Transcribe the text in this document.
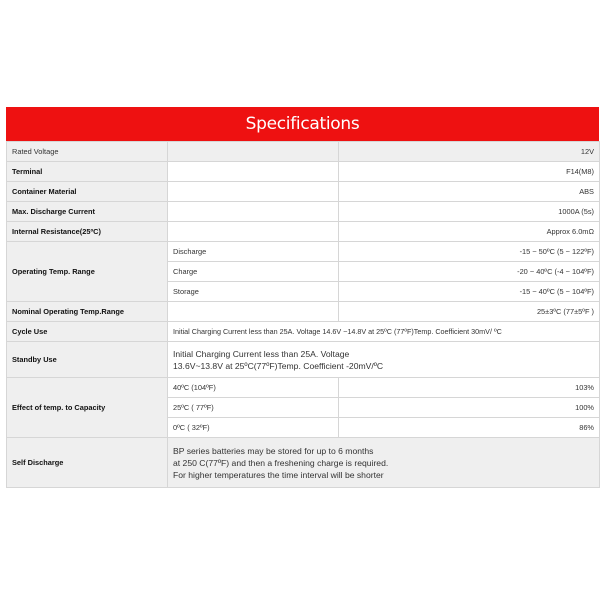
Specifications
Rated Voltage		12V
Terminal		F14(M8)
Container Material		ABS
Max. Discharge Current		1000A (5s)
Internal Resistance(25ºC)		Approx 6.0mΩ
Operating Temp. Range	Discharge	-15 ~ 50ºC (5 ~ 122ºF)
	Charge	-20 ~ 40ºC (-4 ~ 104ºF)
	Storage	-15 ~ 40ºC (5 ~ 104ºF)
Nominal Operating Temp.Range		25±3ºC (77±5ºF )
Cycle Use	Initial Charging Current less than 25A. Voltage 14.6V ~14.8V at 25ºC (77ºF)Temp. Coefficient 30mV/ ºC	
Standby Use	Initial Charging Current less than 25A. Voltage
13.6V~13.8V at 25ºC(77ºF)Temp. Coefficient -20mV/ºC	

Effect of temp. to Capacity	40ºC (104ºF)	103%
	25ºC ( 77ºF)	100%
	0ºC ( 32ºF)	86%
Self Discharge	BP series batteries may be stored for up to 6 months
at 250 C(77ºF) and then a freshening charge is required.
For higher temperatures the time interval will be shorter	
